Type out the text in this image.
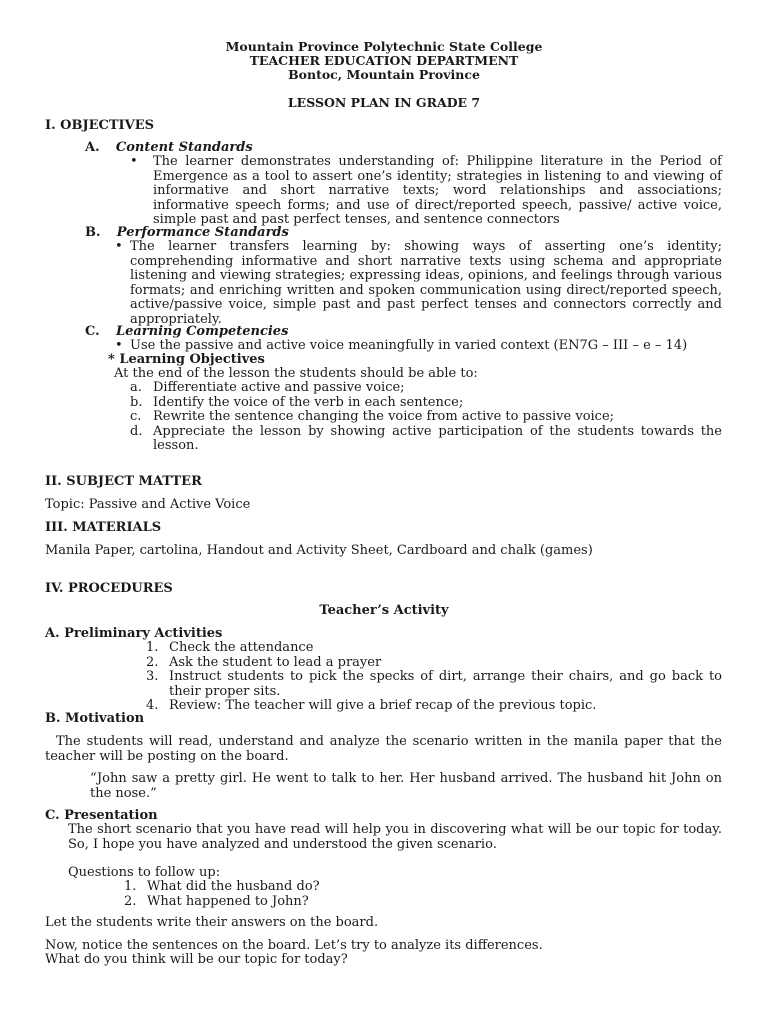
Mountain Province Polytechnic State College
TEACHER EDUCATION DEPARTMENT
Bontoc, Mountain Province
LESSON PLAN IN GRADE 7
I. OBJECTIVES
A. Content Standards
• The learner demonstrates understanding of: Philippine literature in the Period of Emergence as a tool to assert one’s identity; strategies in listening to and viewing of informative and short narrative texts; word relationships and associations; informative speech forms; and use of direct/reported speech, passive/ active voice, simple past and past perfect tenses, and sentence connectors
B. Performance Standards
• The learner transfers learning by: showing ways of asserting one’s identity; comprehending informative and short narrative texts using schema and appropriate listening and viewing strategies; expressing ideas, opinions, and feelings through various formats; and enriching written and spoken communication using direct/reported speech, active/passive voice, simple past and past perfect tenses and connectors correctly and appropriately.
C. Learning Competencies
• Use the passive and active voice meaningfully in varied context (EN7G – III – e – 14)
* Learning Objectives
At the end of the lesson the students should be able to:
a. Differentiate active and passive voice;
b. Identify the voice of the verb in each sentence;
c. Rewrite the sentence changing the voice from active to passive voice;
d. Appreciate the lesson by showing active participation of the students towards the lesson.
II. SUBJECT MATTER
Topic: Passive and Active Voice
III. MATERIALS
Manila Paper, cartolina, Handout and Activity Sheet, Cardboard and chalk (games)
IV. PROCEDURES
Teacher’s Activity
A. Preliminary Activities
1. Check the attendance
2. Ask the student to lead a prayer
3. Instruct students to pick the specks of dirt, arrange their chairs, and go back to their proper sits.
4. Review: The teacher will give a brief recap of the previous topic.
B. Motivation
The students will read, understand and analyze the scenario written in the manila paper that the teacher will be posting on the board.
“John saw a pretty girl. He went to talk to her. Her husband arrived. The husband hit John on the nose.”
C. Presentation
The short scenario that you have read will help you in discovering what will be our topic for today. So, I hope you have analyzed and understood the given scenario.
Questions to follow up:
1. What did the husband do?
2. What happened to John?
Let the students write their answers on the board.
Now, notice the sentences on the board. Let’s try to analyze its differences.
What do you think will be our topic for today?
